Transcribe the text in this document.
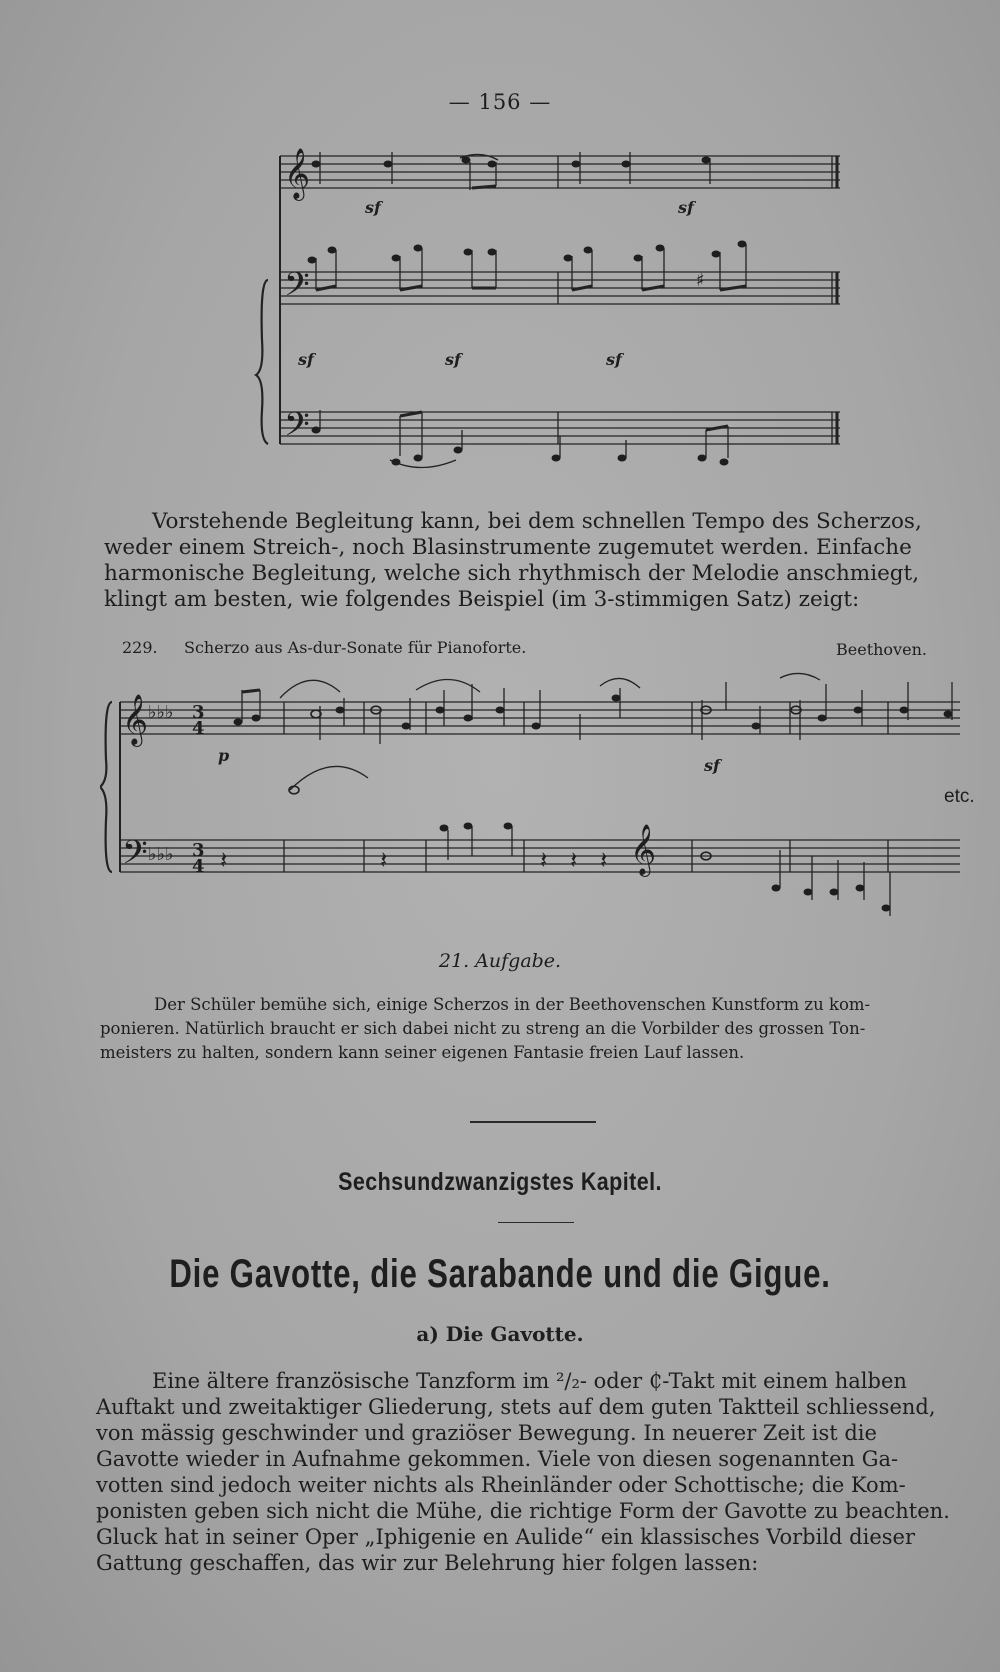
— 156 —
𝄞
𝄢
𝄢
♯
sf	sf
sf	sf	sf
Vorstehende Begleitung kann, bei dem schnellen Tempo des Scherzos,
weder einem Streich-, noch Blasinstrumente zugemutet werden. Einfache
harmonische Begleitung, welche sich rhythmisch der Melodie anschmiegt,
klingt am besten, wie folgendes Beispiel (im 3-stimmigen Satz) zeigt:
229. Scherzo aus As-dur-Sonate für Pianoforte.	Beethoven.
𝄞
𝄢
♭♭♭
♭♭♭
3
4
3
4	𝄞
𝄽	𝄽	𝄽 𝄽 𝄽
p
sf
etc.
21. Aufgabe.
Der Schüler bemühe sich, einige Scherzos in der Beethovenschen Kunstform zu kom-
ponieren. Natürlich braucht er sich dabei nicht zu streng an die Vorbilder des grossen Ton-
meisters zu halten, sondern kann seiner eigenen Fantasie freien Lauf lassen.
Sechsundzwanzigstes Kapitel.
Die Gavotte, die Sarabande und die Gigue.
a) Die Gavotte.
Eine ältere französische Tanzform im ²/₂- oder ₵-Takt mit einem halben
Auftakt und zweitaktiger Gliederung, stets auf dem guten Taktteil schliessend,
von mässig geschwinder und graziöser Bewegung. In neuerer Zeit ist die
Gavotte wieder in Aufnahme gekommen. Viele von diesen sogenannten Ga-
votten sind jedoch weiter nichts als Rheinländer oder Schottische; die Kom-
ponisten geben sich nicht die Mühe, die richtige Form der Gavotte zu beachten.
Gluck hat in seiner Oper „Iphigenie en Aulide“ ein klassisches Vorbild dieser
Gattung geschaffen, das wir zur Belehrung hier folgen lassen:
